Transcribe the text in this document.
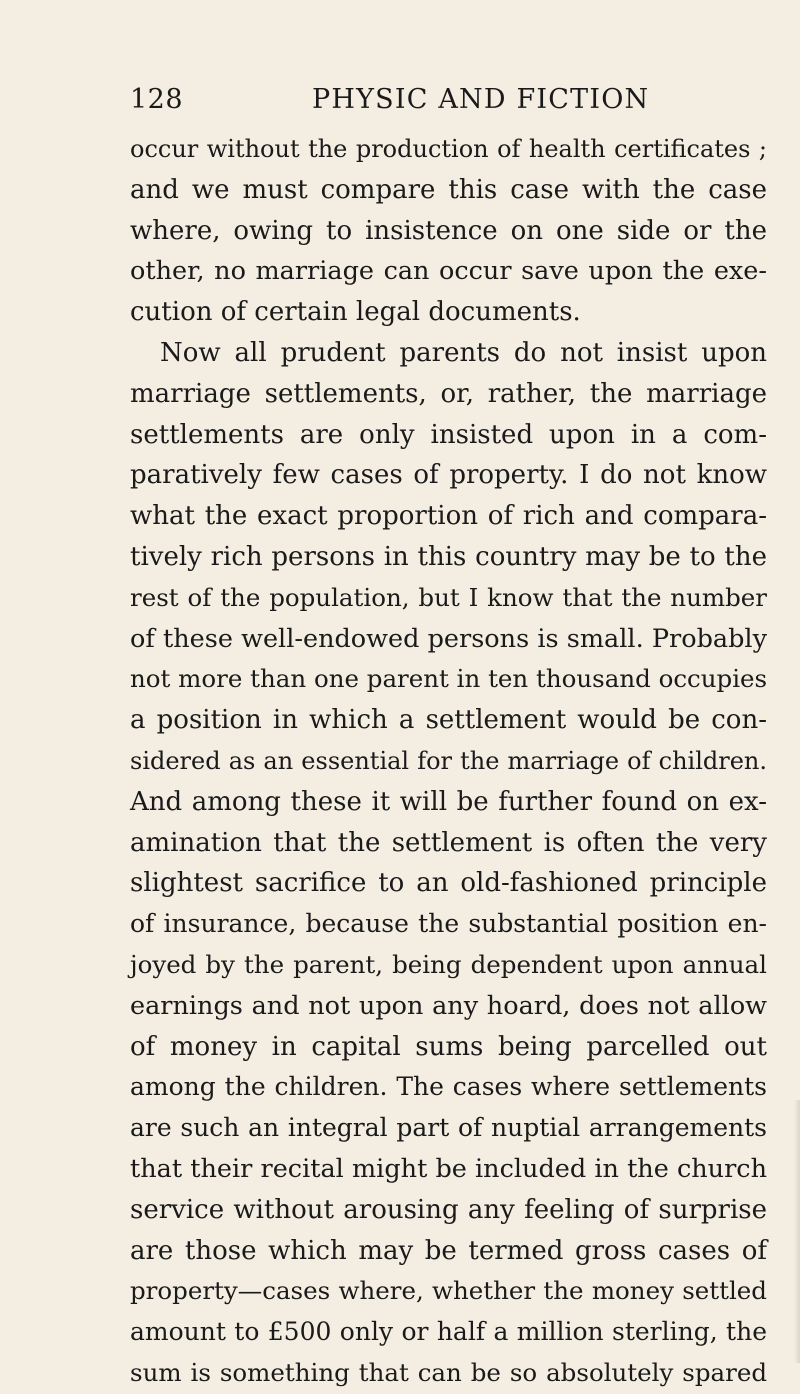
128	PHYSIC AND FICTION
occur without the production of health certificates ;
and we must compare this case with the case
where, owing to insistence on one side or the
other, no marriage can occur save upon the exe-
cution of certain legal documents.
Now all prudent parents do not insist upon
marriage settlements, or, rather, the marriage
settlements are only insisted upon in a com-
paratively few cases of property. I do not know
what the exact proportion of rich and compara-
tively rich persons in this country may be to the
rest of the population, but I know that the number
of these well-endowed persons is small. Probably
not more than one parent in ten thousand occupies
a position in which a settlement would be con-
sidered as an essential for the marriage of children.
And among these it will be further found on ex-
amination that the settlement is often the very
slightest sacrifice to an old-fashioned principle
of insurance, because the substantial position en-
joyed by the parent, being dependent upon annual
earnings and not upon any hoard, does not allow
of money in capital sums being parcelled out
among the children. The cases where settlements
are such an integral part of nuptial arrangements
that their recital might be included in the church
service without arousing any feeling of surprise
are those which may be termed gross cases of
property—cases where, whether the money settled
amount to £500 only or half a million sterling, the
sum is something that can be so absolutely spared
